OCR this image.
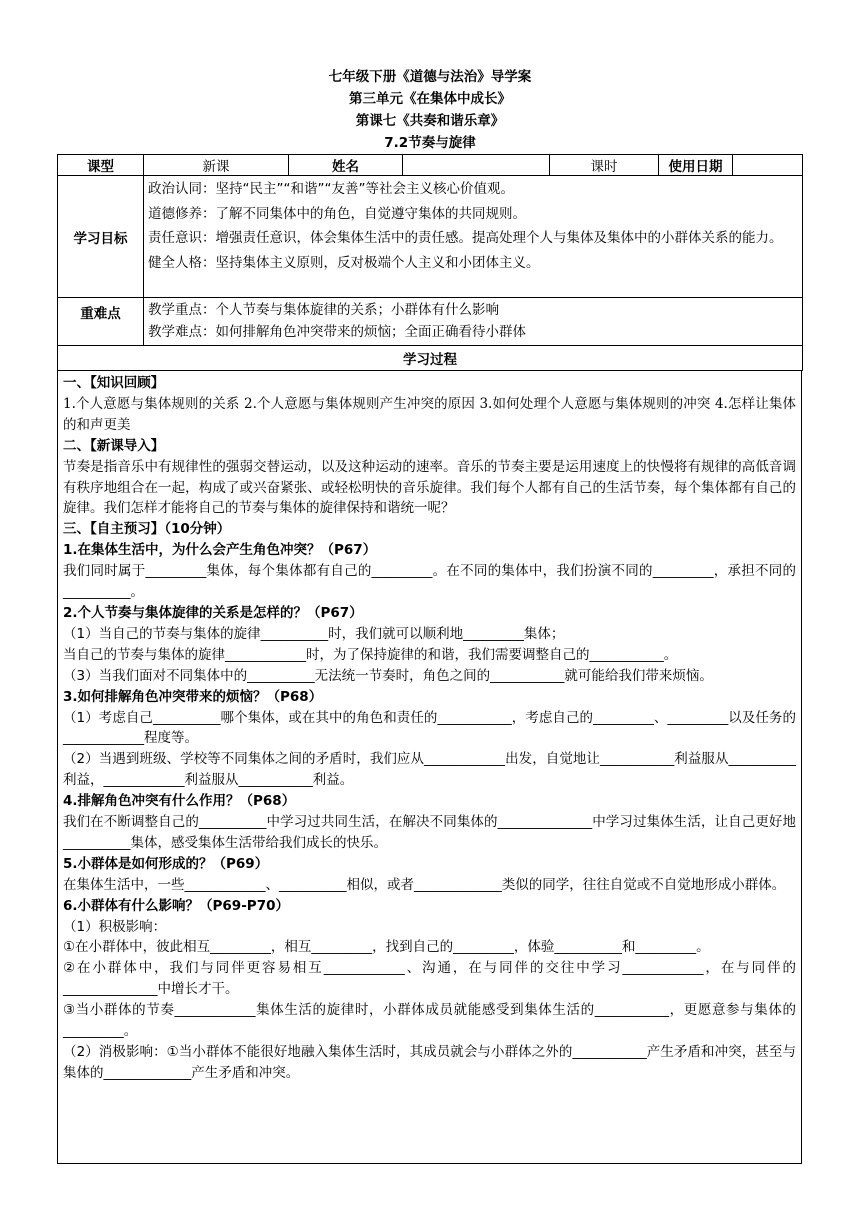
七年级下册《道德与法治》导学案
第三单元《在集体中成长》
第课七《共奏和谐乐章》
7.2节奏与旋律
课型	新课	姓名		课时	使用日期	
学习目标	政治认同：坚持“民主”“和谐”“友善”等社会主义核心价值观。
道德修养：了解不同集体中的角色，自觉遵守集体的共同规则。
责任意识：增强责任意识，体会集体生活中的责任感。提高处理个人与集体及集体中的小群体关系的能力。
健全人格：坚持集体主义原则，反对极端个人主义和小团体主义。					

重难点	教学重点：个人节奏与集体旋律的关系；小群体有什么影响
教学难点：如何排解角色冲突带来的烦恼；全面正确看待小群体					

学习过程						
一、【知识回顾】
1.个人意愿与集体规则的关系 2.个人意愿与集体规则产生冲突的原因 3.如何处理个人意愿与集体规则的冲突 4.怎样让集体的和声更美
二、【新课导入】
节奏是指音乐中有规律性的强弱交替运动，以及这种运动的速率。音乐的节奏主要是运用速度上的快慢将有规律的高低音调有秩序地组合在一起，构成了或兴奋紧张、或轻松明快的音乐旋律。我们每个人都有自己的生活节奏，每个集体都有自己的旋律。我们怎样才能将自己的节奏与集体的旋律保持和谐统一呢？
三、【自主预习】（10分钟）
1.在集体生活中，为什么会产生角色冲突？（P67）
我们同时属于_________集体，每个集体都有自己的_________。在不同的集体中，我们扮演不同的_________，承担不同的__________。
2.个人节奏与集体旋律的关系是怎样的？（P67）
（1）当自己的节奏与集体的旋律__________时，我们就可以顺利地_________集体；
当自己的节奏与集体的旋律____________时，为了保持旋律的和谐，我们需要调整自己的___________。
（3）当我们面对不同集体中的__________无法统一节奏时，角色之间的___________就可能给我们带来烦恼。
3.如何排解角色冲突带来的烦恼？（P68）
（1）考虑自己__________哪个集体，或在其中的角色和责任的___________，考虑自己的_________、_________以及任务的____________程度等。
（2）当遇到班级、学校等不同集体之间的矛盾时，我们应从____________出发，自觉地让___________利益服从__________利益，____________利益服从___________利益。
4.排解角色冲突有什么作用？（P68）
我们在不断调整自己的__________中学习过共同生活，在解决不同集体的______________中学习过集体生活，让自己更好地__________集体，感受集体生活带给我们成长的快乐。
5.小群体是如何形成的？（P69）
在集体生活中，一些____________、__________相似，或者_____________类似的同学，往往自觉或不自觉地形成小群体。
6.小群体有什么影响？（P69-P70）
（1）积极影响：
①在小群体中，彼此相互_________，相互_________，找到自己的_________，体验__________和_________。
②在小群体中，我们与同伴更容易相互____________、沟通，在与同伴的交往中学习____________，在与同伴的______________中增长才干。
③当小群体的节奏____________集体生活的旋律时，小群体成员就能感受到集体生活的___________，更愿意参与集体的_________。
（2）消极影响：①当小群体不能很好地融入集体生活时，其成员就会与小群体之外的___________产生矛盾和冲突，甚至与集体的_____________产生矛盾和冲突。
